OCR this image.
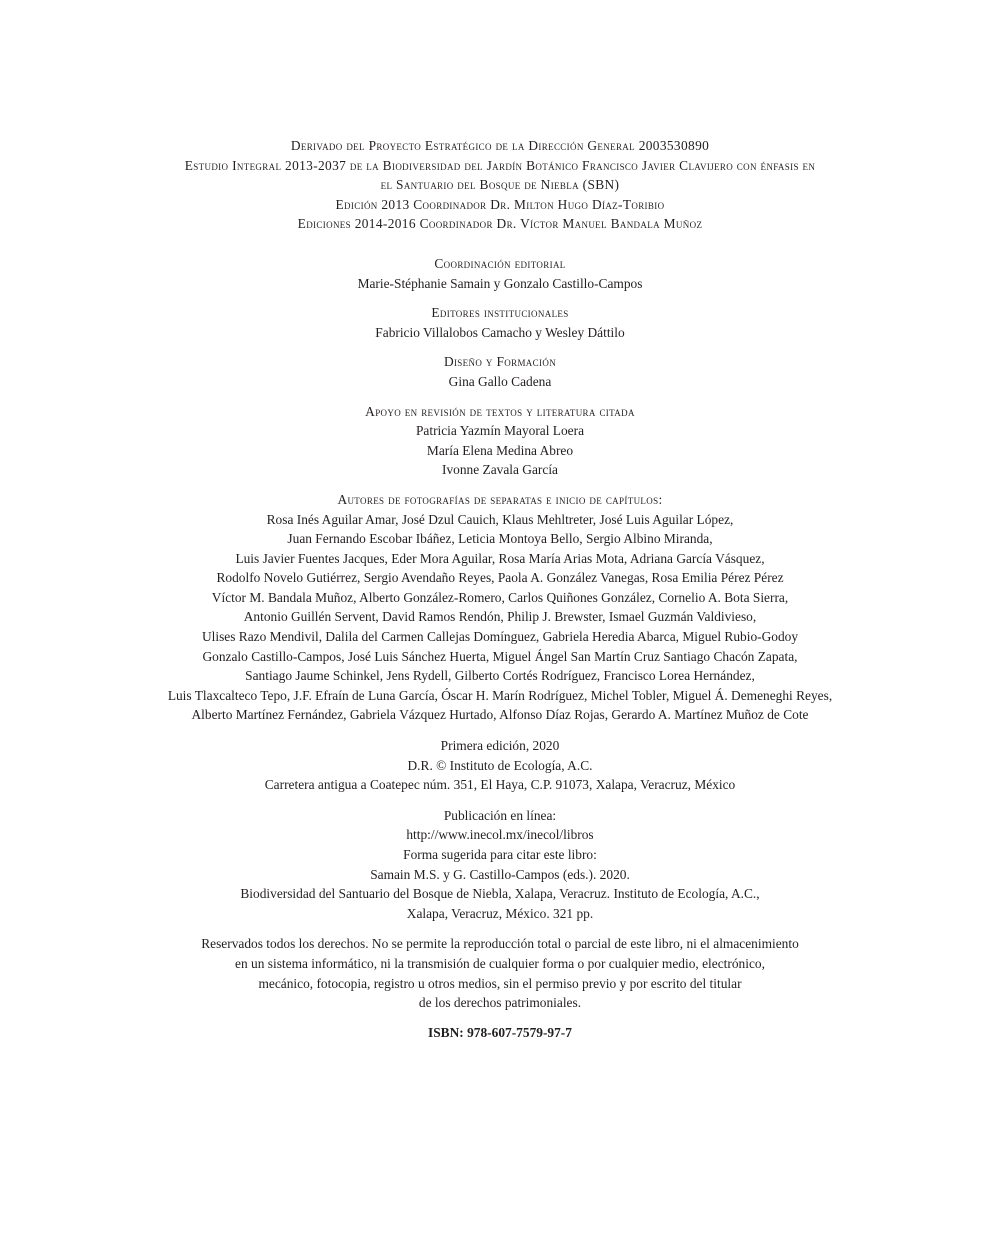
Derivado del Proyecto Estratégico de la Dirección General 2003530890
Estudio Integral 2013-2037 de la Biodiversidad del Jardín Botánico Francisco Javier Clavijero con énfasis en
el Santuario del Bosque de Niebla (SBN)
Edición 2013 Coordinador Dr. Milton Hugo Díaz-Toribio
Ediciones 2014-2016 Coordinador Dr. Víctor Manuel Bandala Muñoz
Coordinación editorial
Marie-Stéphanie Samain y Gonzalo Castillo-Campos
Editores institucionales
Fabricio Villalobos Camacho y Wesley Dáttilo
Diseño y Formación
Gina Gallo Cadena
Apoyo en revisión de textos y literatura citada
Patricia Yazmín Mayoral Loera
María Elena Medina Abreo
Ivonne Zavala García
Autores de fotografías de separatas e inicio de capítulos:
Rosa Inés Aguilar Amar, José Dzul Cauich, Klaus Mehltreter, José Luis Aguilar López,
Juan Fernando Escobar Ibáñez, Leticia Montoya Bello, Sergio Albino Miranda,
Luis Javier Fuentes Jacques, Eder Mora Aguilar, Rosa María Arias Mota, Adriana García Vásquez,
Rodolfo Novelo Gutiérrez, Sergio Avendaño Reyes, Paola A. González Vanegas, Rosa Emilia Pérez Pérez
Víctor M. Bandala Muñoz, Alberto González-Romero, Carlos Quiñones González, Cornelio A. Bota Sierra,
Antonio Guillén Servent, David Ramos Rendón, Philip J. Brewster, Ismael Guzmán Valdivieso,
Ulises Razo Mendivil, Dalila del Carmen Callejas Domínguez, Gabriela Heredia Abarca, Miguel Rubio-Godoy
Gonzalo Castillo-Campos, José Luis Sánchez Huerta, Miguel Ángel San Martín Cruz Santiago Chacón Zapata,
Santiago Jaume Schinkel, Jens Rydell, Gilberto Cortés Rodríguez, Francisco Lorea Hernández,
Luis Tlaxcalteco Tepo, J.F. Efraín de Luna García, Óscar H. Marín Rodríguez, Michel Tobler, Miguel Á. Demeneghi Reyes,
Alberto Martínez Fernández, Gabriela Vázquez Hurtado, Alfonso Díaz Rojas, Gerardo A. Martínez Muñoz de Cote
Primera edición, 2020
D.R. © Instituto de Ecología, A.C.
Carretera antigua a Coatepec núm. 351, El Haya, C.P. 91073, Xalapa, Veracruz, México
Publicación en línea:
http://www.inecol.mx/inecol/libros
Forma sugerida para citar este libro:
Samain M.S. y G. Castillo-Campos (eds.). 2020.
Biodiversidad del Santuario del Bosque de Niebla, Xalapa, Veracruz. Instituto de Ecología, A.C.,
Xalapa, Veracruz, México. 321 pp.
Reservados todos los derechos. No se permite la reproducción total o parcial de este libro, ni el almacenimiento
en un sistema informático, ni la transmisión de cualquier forma o por cualquier medio, electrónico,
mecánico, fotocopia, registro u otros medios, sin el permiso previo y por escrito del titular
de los derechos patrimoniales.
ISBN: 978-607-7579-97-7
